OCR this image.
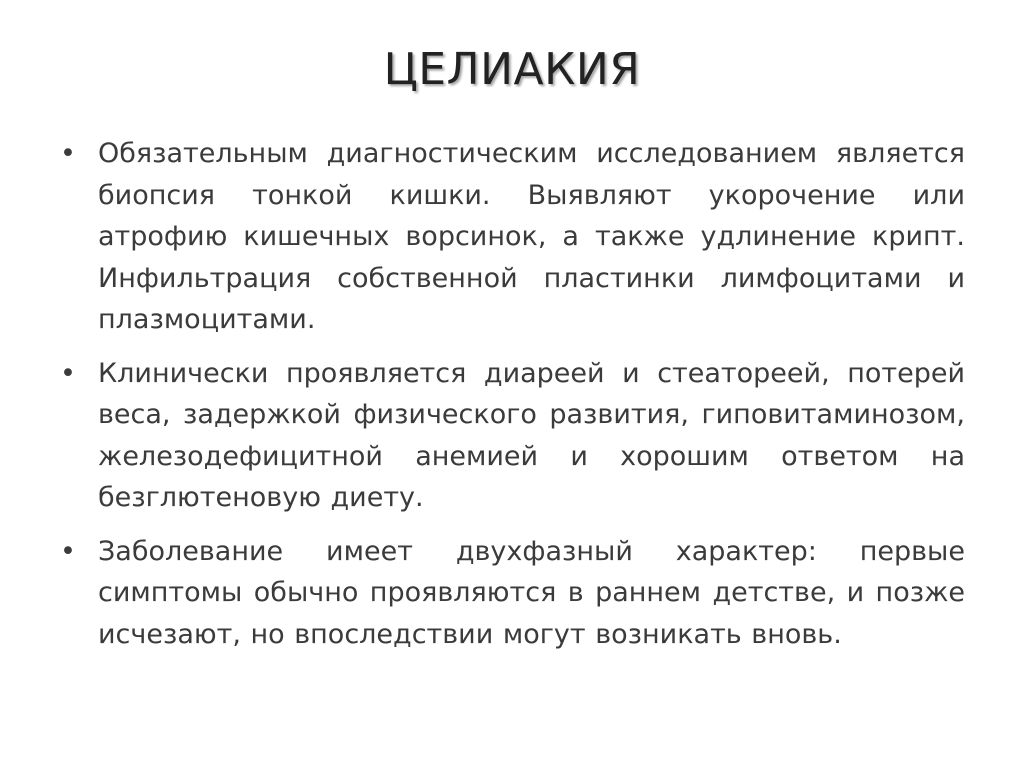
ЦЕЛИАКИЯ
• Обязательным диагностическим исследованием является биопсия тонкой кишки. Выявляют укорочение или атрофию кишечных ворсинок, а также удлинение крипт. Инфильтрация собственной пластинки лимфоцитами и плазмоцитами.
• Клинически проявляется диареей и стеаторeей, потерей веса, задержкой физического развития, гиповитаминозом, железодефицитной анемией и хорошим ответом на безглютеновую диету.
• Заболевание имеет двухфазный характер: первые симптомы обычно проявляются в раннем детстве, и позже исчезают, но впоследствии могут возникать вновь.
